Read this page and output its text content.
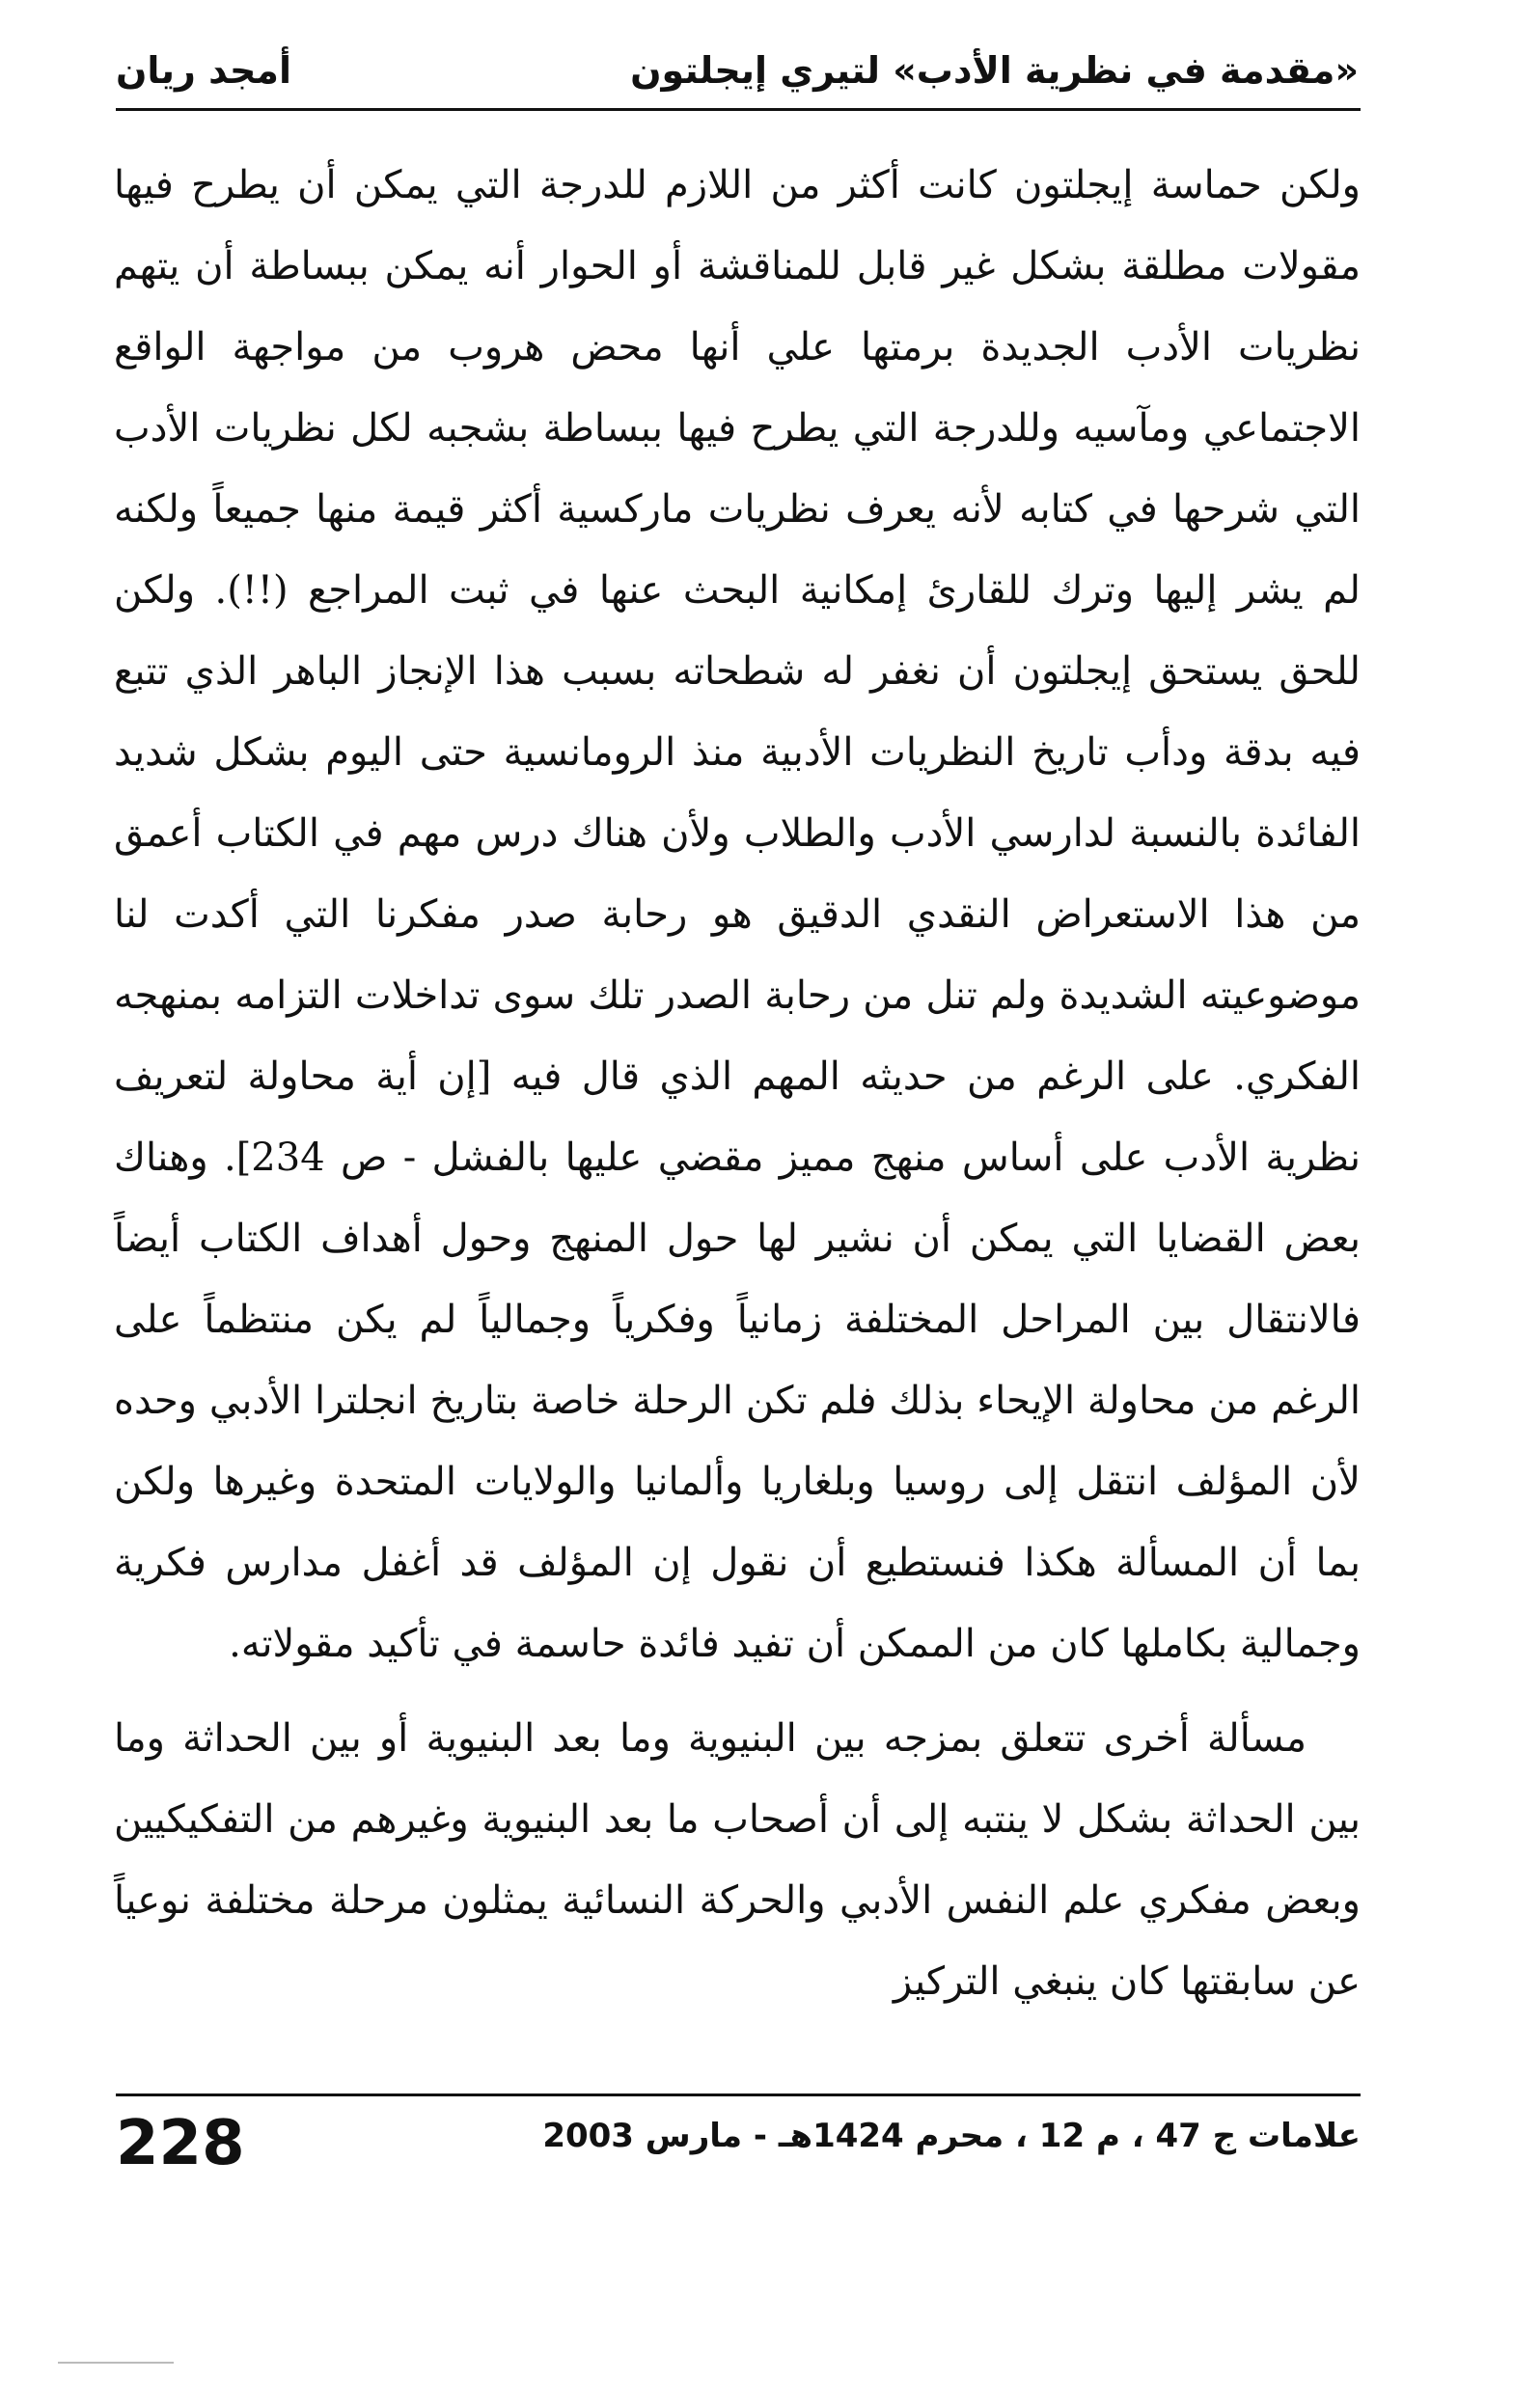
«مقدمة في نظرية الأدب» لتيري إيجلتون
أمجد ريان

ولكن حماسة إيجلتون كانت أكثر من اللازم للدرجة التي يمكن أن يطرح فيها مقولات مطلقة بشكل غير قابل للمناقشة أو الحوار أنه يمكن ببساطة أن يتهم نظريات الأدب الجديدة برمتها علي أنها محض هروب من مواجهة الواقع الاجتماعي ومآسيه وللدرجة التي يطرح فيها ببساطة بشجبه لكل نظريات الأدب التي شرحها في كتابه لأنه يعرف نظريات ماركسية أكثر قيمة منها جميعاً ولكنه لم يشر إليها وترك للقارئ إمكانية البحث عنها في ثبت المراجع (!!). ولكن للحق يستحق إيجلتون أن نغفر له شطحاته بسبب هذا الإنجاز الباهر الذي تتبع فيه بدقة ودأب تاريخ النظريات الأدبية منذ الرومانسية حتى اليوم بشكل شديد الفائدة بالنسبة لدارسي الأدب والطلاب ولأن هناك درس مهم في الكتاب أعمق من هذا الاستعراض النقدي الدقيق هو رحابة صدر مفكرنا التي أكدت لنا موضوعيته الشديدة ولم تنل من رحابة الصدر تلك سوى تداخلات التزامه بمنهجه الفكري. على الرغم من حديثه المهم الذي قال فيه [إن أية محاولة لتعريف نظرية الأدب على أساس منهج مميز مقضي عليها بالفشل - ص 234]. وهناك بعض القضايا التي يمكن أن نشير لها حول المنهج وحول أهداف الكتاب أيضاً فالانتقال بين المراحل المختلفة زمانياً وفكرياً وجمالياً لم يكن منتظماً على الرغم من محاولة الإيحاء بذلك فلم تكن الرحلة خاصة بتاريخ انجلترا الأدبي وحده لأن المؤلف انتقل إلى روسيا وبلغاريا وألمانيا والولايات المتحدة وغيرها ولكن بما أن المسألة هكذا فنستطيع أن نقول إن المؤلف قد أغفل مدارس فكرية وجمالية بكاملها كان من الممكن أن تفيد فائدة حاسمة في تأكيد مقولاته.

مسألة أخرى تتعلق بمزجه بين البنيوية وما بعد البنيوية أو بين الحداثة وما بين الحداثة بشكل لا ينتبه إلى أن أصحاب ما بعد البنيوية وغيرهم من التفكيكيين وبعض مفكري علم النفس الأدبي والحركة النسائية يمثلون مرحلة مختلفة نوعياً عن سابقتها كان ينبغي التركيز

علامات ج 47 ، م 12 ، محرم 1424هـ - مارس 2003
228
